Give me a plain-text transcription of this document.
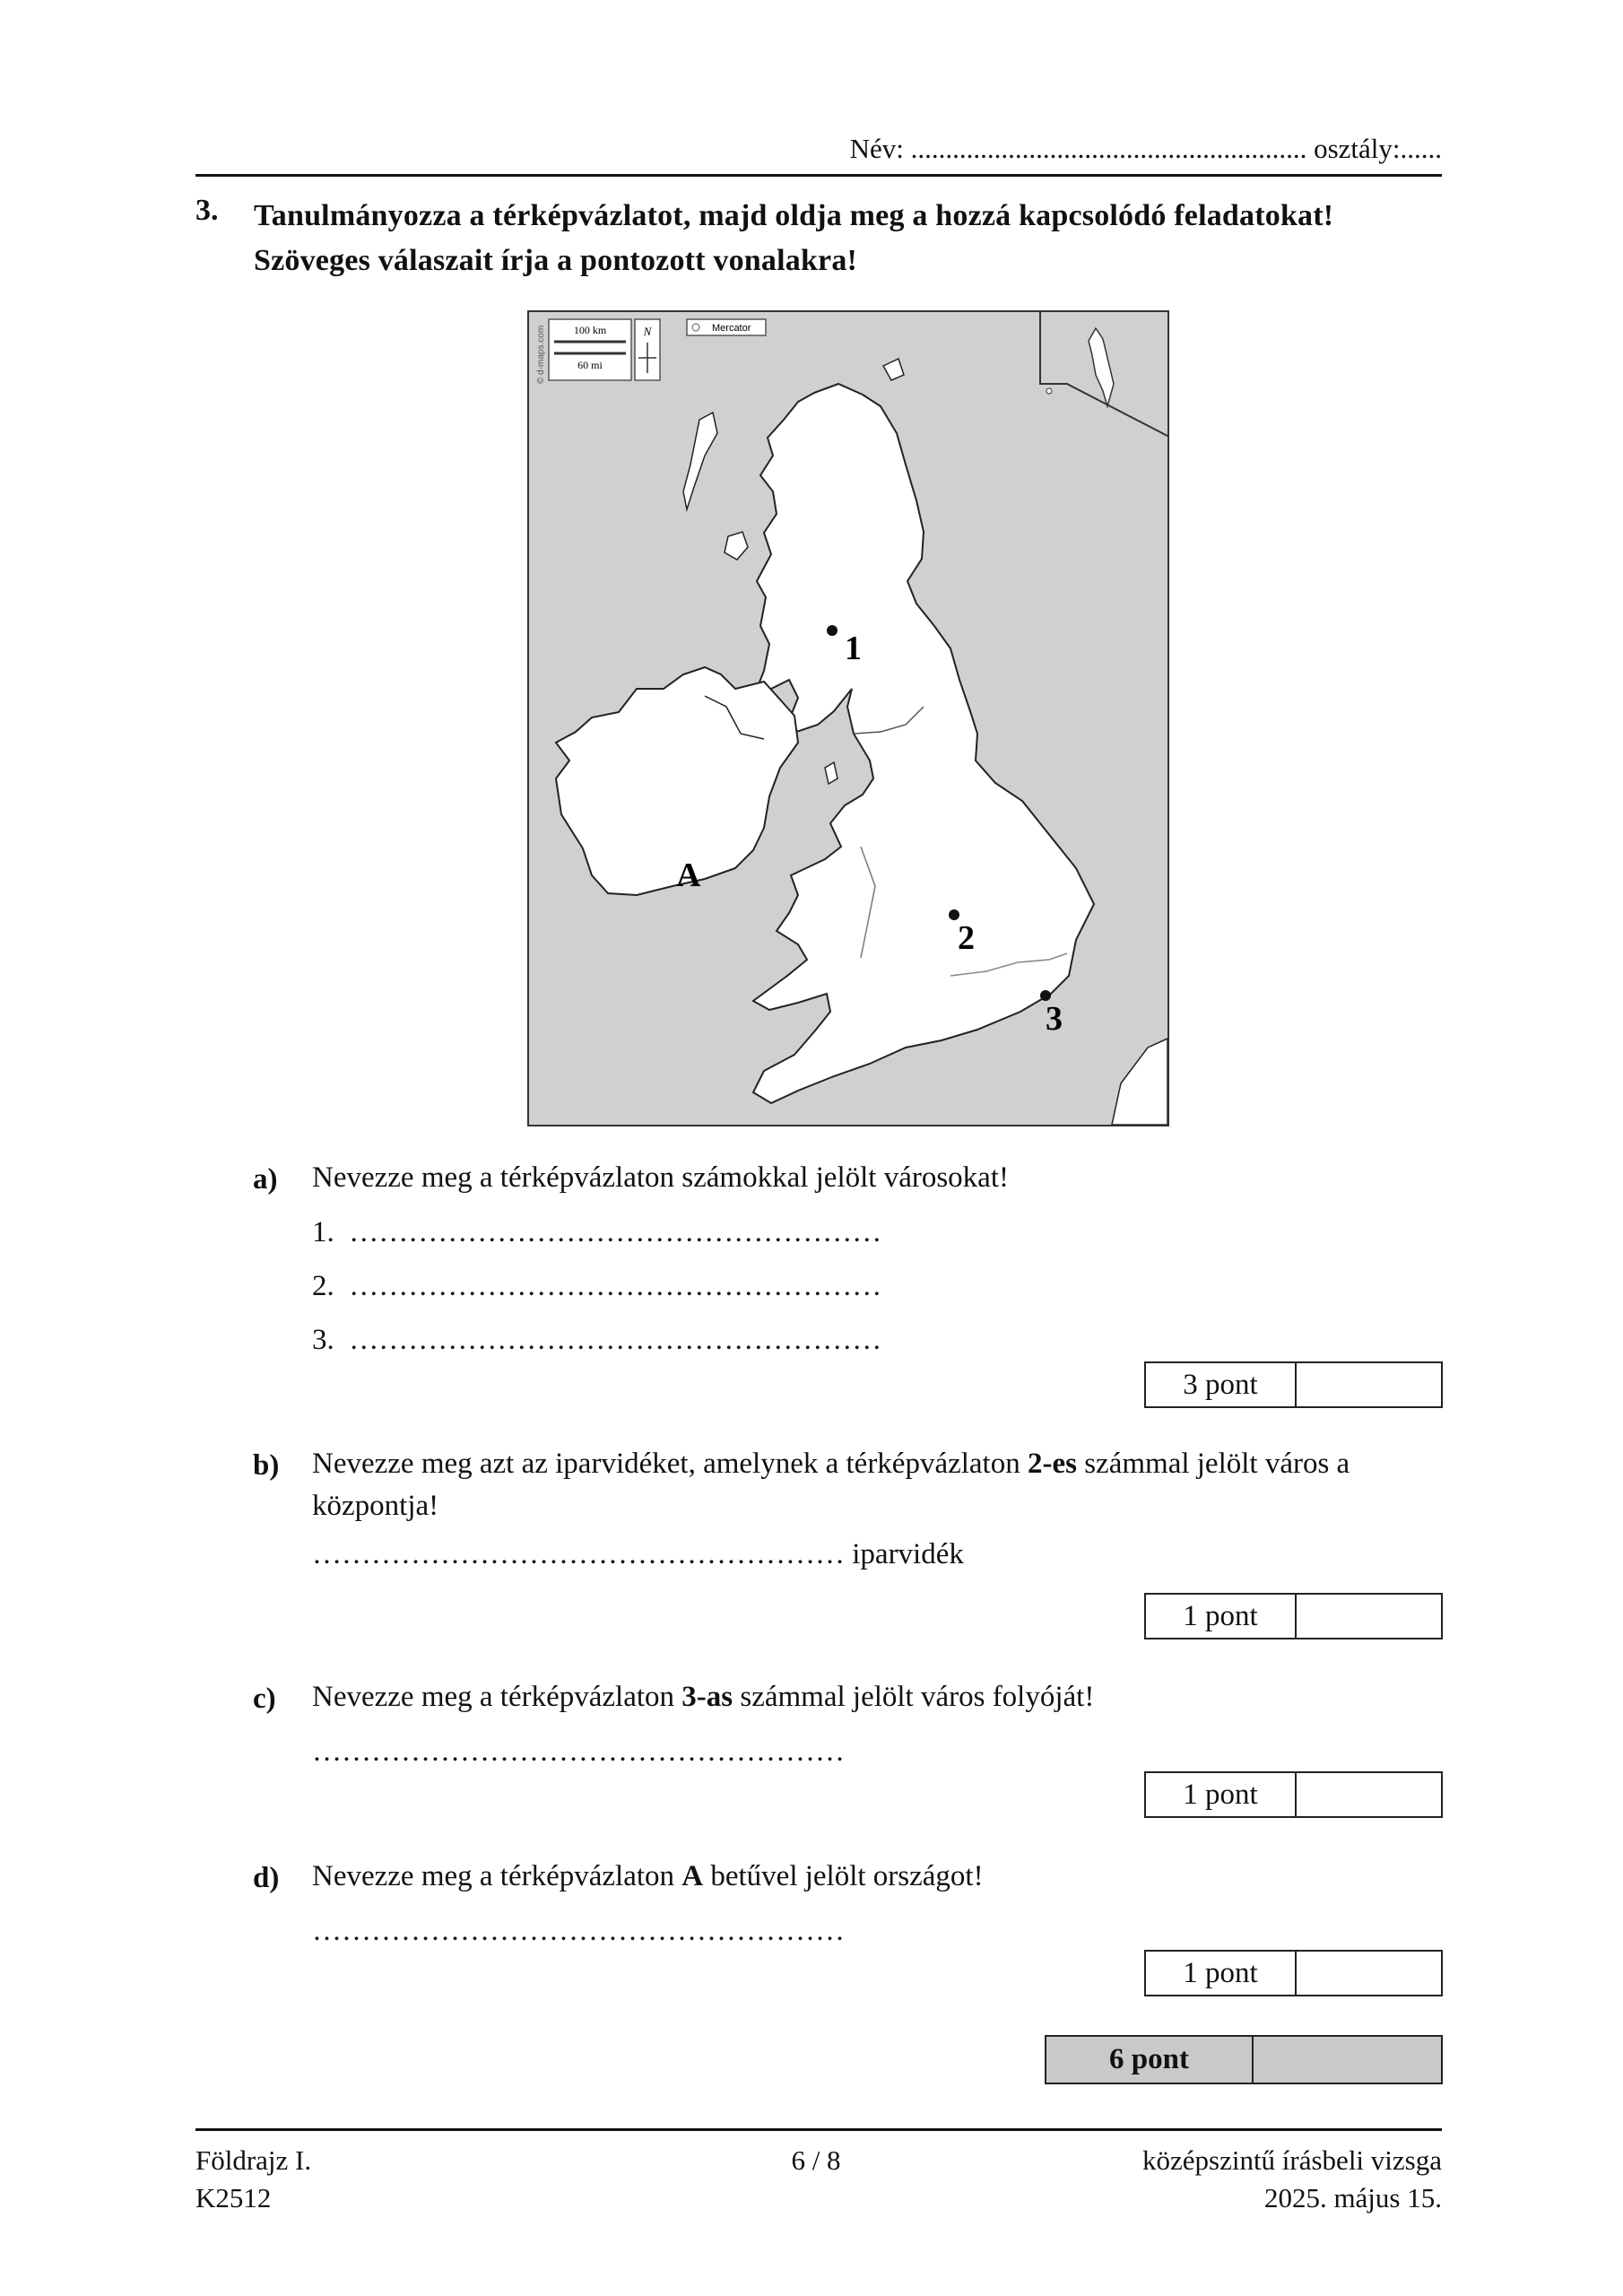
Név: ......................................................... osztály:......
3. Tanulmányozza a térképvázlatot, majd oldja meg a hozzá kapcsolódó feladatokat!
Szöveges válaszait írja a pontozott vonalakra!
100 km
60 mi
N	Mercator
© d-maps.com
1
2
3
A
a) Nevezze meg a térképvázlaton számokkal jelölt városokat!
1.  ………………………………………………
2.  ………………………………………………
3.  ………………………………………………
3 pont
b) Nevezze meg azt az iparvidéket, amelynek a térképvázlaton 2-es számmal jelölt város a központja!
……………………………………………… iparvidék
1 pont
c) Nevezze meg a térképvázlaton 3-as számmal jelölt város folyóját!
………………………………………………
1 pont
d) Nevezze meg a térképvázlaton A betűvel jelölt országot!
………………………………………………
1 pont
6 pont
Földrajz I.
K2512
6 / 8	középszintű írásbeli vizsga
2025. május 15.
